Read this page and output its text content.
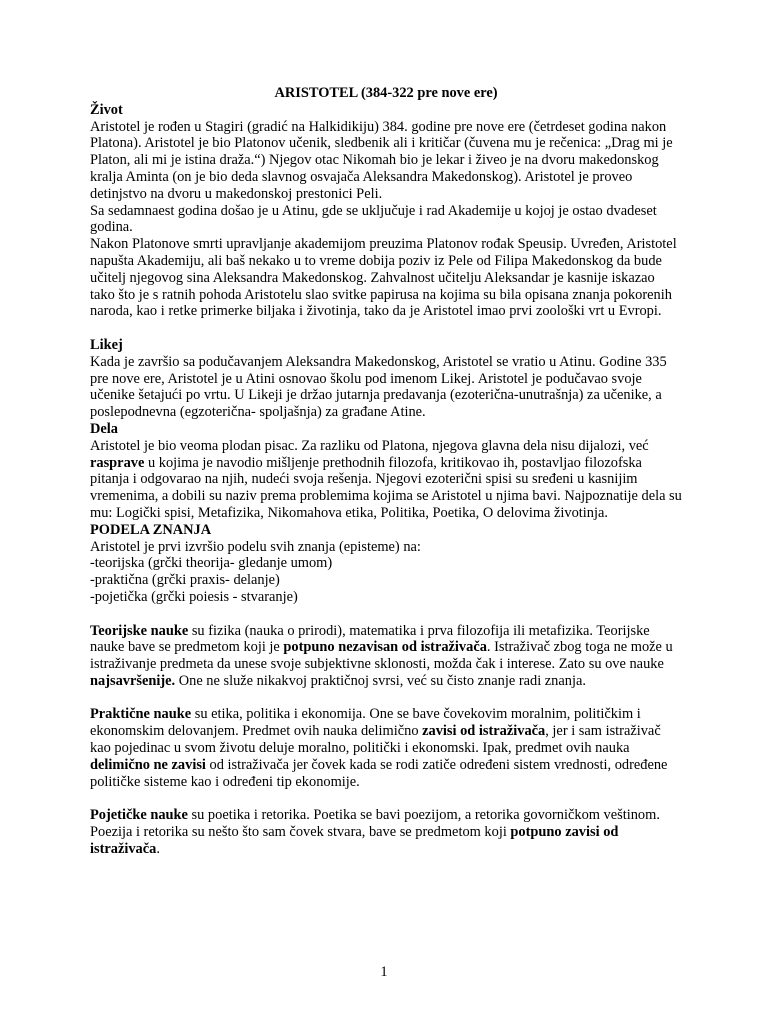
ARISTOTEL (384-322 pre nove ere)

Život

Aristotel je rođen u Stagiri (gradić na Halkidikiju) 384. godine pre nove ere (četrdeset godina nakon Platona). Aristotel je bio Platonov učenik, sledbenik ali i kritičar (čuvena mu je rečenica: „Drag mi je Platon, ali mi je istina draža.“) Njegov otac Nikomah bio je lekar i živeo je na dvoru makedonskog kralja Aminta (on je bio deda slavnog osvajača Aleksandra Makedonskog). Aristotel je proveo detinjstvo na dvoru u makedonskoj prestonici Peli.

Sa sedamnaest godina došao je u Atinu, gde se uključuje i rad Akademije u kojoj je ostao dvadeset godina.

Nakon Platonove smrti upravljanje akademijom preuzima Platonov rođak Speusip. Uvređen, Aristotel napušta Akademiju, ali baš nekako u to vreme dobija poziv iz Pele od Filipa Makedonskog da bude učitelj njegovog sina Aleksandra Makedonskog. Zahvalnost učitelju Aleksandar je kasnije iskazao tako što je s ratnih pohoda Aristotelu slao svitke papirusa na kojima su bila opisana znanja pokorenih naroda, kao i retke primerke biljaka i životinja, tako da je Aristotel imao prvi zoološki vrt u Evropi.

Likej

Kada je završio sa podučavanjem Aleksandra Makedonskog, Aristotel se vratio u Atinu. Godine 335 pre nove ere, Aristotel je u Atini osnovao školu pod imenom Likej. Aristotel je podučavao svoje učenike šetajući po vrtu. U Likeji je držao jutarnja predavanja (ezoterična-unutrašnja) za učenike, a poslepodnevna (egzoterična- spoljašnja) za građane Atine.

Dela

Aristotel je bio veoma plodan pisac. Za razliku od Platona, njegova glavna dela nisu dijalozi, već rasprave u kojima je navodio mišljenje prethodnih filozofa, kritikovao ih, postavljao filozofska pitanja i odgovarao na njih, nudeći svoja rešenja. Njegovi ezoterični spisi su sređeni u kasnijim vremenima, a dobili su naziv prema problemima kojima se Aristotel u njima bavi. Najpoznatije dela su mu: Logički spisi, Metafizika, Nikomahova etika, Politika, Poetika, O delovima životinja.

PODELA ZNANJA

Aristotel je prvi izvršio podelu svih znanja (episteme) na:

-teorijska (grčki theorija- gledanje umom)

-praktična (grčki praxis- delanje)

-pojetička (grčki poiesis - stvaranje)

Teorijske nauke su fizika (nauka o prirodi), matematika i prva filozofija ili metafizika. Teorijske nauke bave se predmetom koji je potpuno nezavisan od istraživača. Istraživač zbog toga ne može u istraživanje predmeta da unese svoje subjektivne sklonosti, možda čak i interese. Zato su ove nauke najsavršenije. One ne služe nikakvoj praktičnoj svrsi, već su čisto znanje radi znanja.

Praktične nauke su etika, politika i ekonomija. One se bave čovekovim moralnim, političkim i ekonomskim delovanjem. Predmet ovih nauka delimično zavisi od istraživača, jer i sam istraživač kao pojedinac u svom životu deluje moralno, politički i ekonomski. Ipak, predmet ovih nauka delimično ne zavisi od istraživača jer čovek kada se rodi zatiče određeni sistem vrednosti, određene političke sisteme kao i određeni tip ekonomije.

Pojetičke nauke su poetika i retorika. Poetika se bavi poezijom, a retorika govorničkom veštinom. Poezija i retorika su nešto što sam čovek stvara, bave se predmetom koji potpuno zavisi od istraživača.

1
